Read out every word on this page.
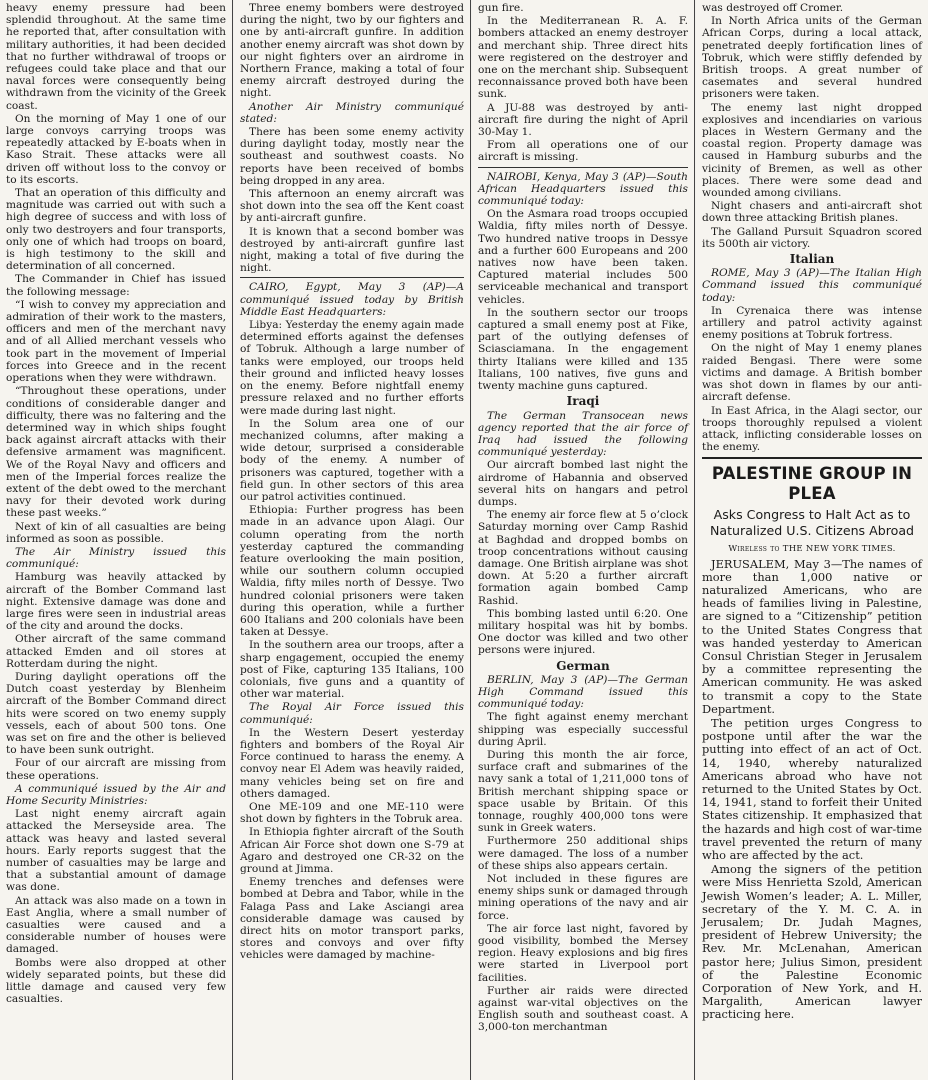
heavy enemy pressure had been splendid throughout. At the same time he reported that, after consultation with military authorities, it had been decided that no further withdrawal of troops or refugees could take place and that our naval forces were consequently being withdrawn from the vicinity of the Greek coast.
On the morning of May 1 one of our large convoys carrying troops was repeatedly attacked by E-boats when in Kaso Strait. These attacks were all driven off without loss to the convoy or to its escorts.
That an operation of this difficulty and magnitude was carried out with such a high degree of success and with loss of only two destroyers and four transports, only one of which had troops on board, is high testimony to the skill and determination of all concerned.
The Commander in Chief has issued the following message:
“I wish to convey my appreciation and admiration of their work to the masters, officers and men of the merchant navy and of all Allied merchant vessels who took part in the movement of Imperial forces into Greece and in the recent operations when they were withdrawn.
“Throughout these operations, under conditions of considerable danger and difficulty, there was no faltering and the determined way in which ships fought back against aircraft attacks with their defensive armament was magnificent. We of the Royal Navy and officers and men of the Imperial forces realize the extent of the debt owed to the merchant navy for their devoted work during these past weeks.”
Next of kin of all casualties are being informed as soon as possible.
The Air Ministry issued this communiqué:
Hamburg was heavily attacked by aircraft of the Bomber Command last night. Extensive damage was done and large fires were seen in industrial areas of the city and around the docks.
Other aircraft of the same command attacked Emden and oil stores at Rotterdam during the night.
During daylight operations off the Dutch coast yesterday by Blenheim aircraft of the Bomber Command direct hits were scored on two enemy supply vessels, each of about 500 tons. One was set on fire and the other is believed to have been sunk outright.
Four of our aircraft are missing from these operations.
A communiqué issued by the Air and Home Security Ministries:
Last night enemy aircraft again attacked the Merseyside area. The attack was heavy and lasted several hours. Early reports suggest that the number of casualties may be large and that a substantial amount of damage was done.
An attack was also made on a town in East Anglia, where a small number of casualties were caused and a considerable number of houses were damaged.
Bombs were also dropped at other widely separated points, but these did little damage and caused very few casualties.
Three enemy bombers were destroyed during the night, two by our fighters and one by anti-aircraft gunfire. In addition another enemy aircraft was shot down by our night fighters over an airdrome in Northern France, making a total of four enemy aircraft destroyed during the night.
Another Air Ministry communiqué stated:
There has been some enemy activity during daylight today, mostly near the southeast and southwest coasts. No reports have been received of bombs being dropped in any area.
This afternoon an enemy aircraft was shot down into the sea off the Kent coast by anti-aircraft gunfire.
It is known that a second bomber was destroyed by anti-aircraft gunfire last night, making a total of five during the night.
CAIRO, Egypt, May 3 (AP)—A communiqué issued today by British Middle East Headquarters:
Libya: Yesterday the enemy again made determined efforts against the defenses of Tobruk. Although a large number of tanks were employed, our troops held their ground and inflicted heavy losses on the enemy. Before nightfall enemy pressure relaxed and no further efforts were made during last night.
In the Solum area one of our mechanized columns, after making a wide detour, surprised a considerable body of the enemy. A number of prisoners was captured, together with a field gun. In other sectors of this area our patrol activities continued.
Ethiopia: Further progress has been made in an advance upon Alagi. Our column operating from the north yesterday captured the commanding feature overlooking the main position, while our southern column occupied Waldia, fifty miles north of Dessye. Two hundred colonial prisoners were taken during this operation, while a further 600 Italians and 200 colonials have been taken at Dessye.
In the southern area our troops, after a sharp engagement, occupied the enemy post of Fike, capturing 135 Italians, 100 colonials, five guns and a quantity of other war material.
The Royal Air Force issued this communiqué:
In the Western Desert yesterday fighters and bombers of the Royal Air Force continued to harass the enemy. A convoy near El Adem was heavily raided, many vehicles being set on fire and others damaged.
One ME-109 and one ME-110 were shot down by fighters in the Tobruk area.
In Ethiopia fighter aircraft of the South African Air Force shot down one S-79 at Agaro and destroyed one CR-32 on the ground at Jimma.
Enemy trenches and defenses were bombed at Debra and Tabor, while in the Falaga Pass and Lake Asciangi area considerable damage was caused by direct hits on motor transport parks, stores and convoys and over fifty vehicles were damaged by machine-
gun fire.
In the Mediterranean R. A. F. bombers attacked an enemy destroyer and merchant ship. Three direct hits were registered on the destroyer and one on the merchant ship. Subsequent reconnaissance proved both have been sunk.
A JU-88 was destroyed by anti-aircraft fire during the night of April 30-May 1.
From all operations one of our aircraft is missing.
NAIROBI, Kenya, May 3 (AP)—South African Headquarters issued this communiqué today:
On the Asmara road troops occupied Waldia, fifty miles north of Dessye. Two hundred native troops in Dessye and a further 600 Europeans and 200 natives now have been taken. Captured material includes 500 serviceable mechanical and transport vehicles.
In the southern sector our troops captured a small enemy post at Fike, part of the outlying defenses of Sciasciamana. In the engagement thirty Italians were killed and 135 Italians, 100 natives, five guns and twenty machine guns captured.
Iraqi
The German Transocean news agency reported that the air force of Iraq had issued the following communiqué yesterday:
Our aircraft bombed last night the airdrome of Habannia and observed several hits on hangars and petrol dumps.
The enemy air force flew at 5 o’clock Saturday morning over Camp Rashid at Baghdad and dropped bombs on troop concentrations without causing damage. One British airplane was shot down. At 5:20 a further aircraft formation again bombed Camp Rashid.
This bombing lasted until 6:20. One military hospital was hit by bombs. One doctor was killed and two other persons were injured.
German
BERLIN, May 3 (AP)—The German High Command issued this communiqué today:
The fight against enemy merchant shipping was especially successful during April.
During this month the air force, surface craft and submarines of the navy sank a total of 1,211,000 tons of British merchant shipping space or space usable by Britain. Of this tonnage, roughly 400,000 tons were sunk in Greek waters.
Furthermore 250 additional ships were damaged. The loss of a number of these ships also appears certain.
Not included in these figures are enemy ships sunk or damaged through mining operations of the navy and air force.
The air force last night, favored by good visibility, bombed the Mersey region. Heavy explosions and big fires were started in Liverpool port facilities.
Further air raids were directed against war-vital objectives on the English south and southeast coast. A 3,000-ton merchantman
was destroyed off Cromer.
In North Africa units of the German African Corps, during a local attack, penetrated deeply fortification lines of Tobruk, which were stiffly defended by British troops. A great number of casemates and several hundred prisoners were taken.
The enemy last night dropped explosives and incendiaries on various places in Western Germany and the coastal region. Property damage was caused in Hamburg suburbs and the vicinity of Bremen, as well as other places. There were some dead and wounded among civilians.
Night chasers and anti-aircraft shot down three attacking British planes.
The Galland Pursuit Squadron scored its 500th air victory.
Italian
ROME, May 3 (AP)—The Italian High Command issued this communiqué today:
In Cyrenaica there was intense artillery and patrol activity against enemy positions at Tobruk fortress.
On the night of May 1 enemy planes raided Bengasi. There were some victims and damage. A British bomber was shot down in flames by our anti-aircraft defense.
In East Africa, in the Alagi sector, our troops thoroughly repulsed a violent attack, inflicting considerable losses on the enemy.
PALESTINE GROUP IN PLEA
Asks Congress to Halt Act as to Naturalized U.S. Citizens Abroad
Wireless to THE NEW YORK TIMES.
JERUSALEM, May 3—The names of more than 1,000 native or naturalized Americans, who are heads of families living in Palestine, are signed to a “Citizenship” petition to the United States Congress that was handed yesterday to American Consul Christian Steger in Jerusalem by a committee representing the American community. He was asked to transmit a copy to the State Department.
The petition urges Congress to postpone until after the war the putting into effect of an act of Oct. 14, 1940, whereby naturalized Americans abroad who have not returned to the United States by Oct. 14, 1941, stand to forfeit their United States citizenship. It emphasized that the hazards and high cost of war-time travel prevented the return of many who are affected by the act.
Among the signers of the petition were Miss Henrietta Szold, American Jewish Women’s leader; A. L. Miller, secretary of the Y. M. C. A. in Jerusalem; Dr. Judah Magnes, president of Hebrew University; the Rev. Mr. McLenahan, American pastor here; Julius Simon, president of the Palestine Economic Corporation of New York, and H. Margalith, American lawyer practicing here.
